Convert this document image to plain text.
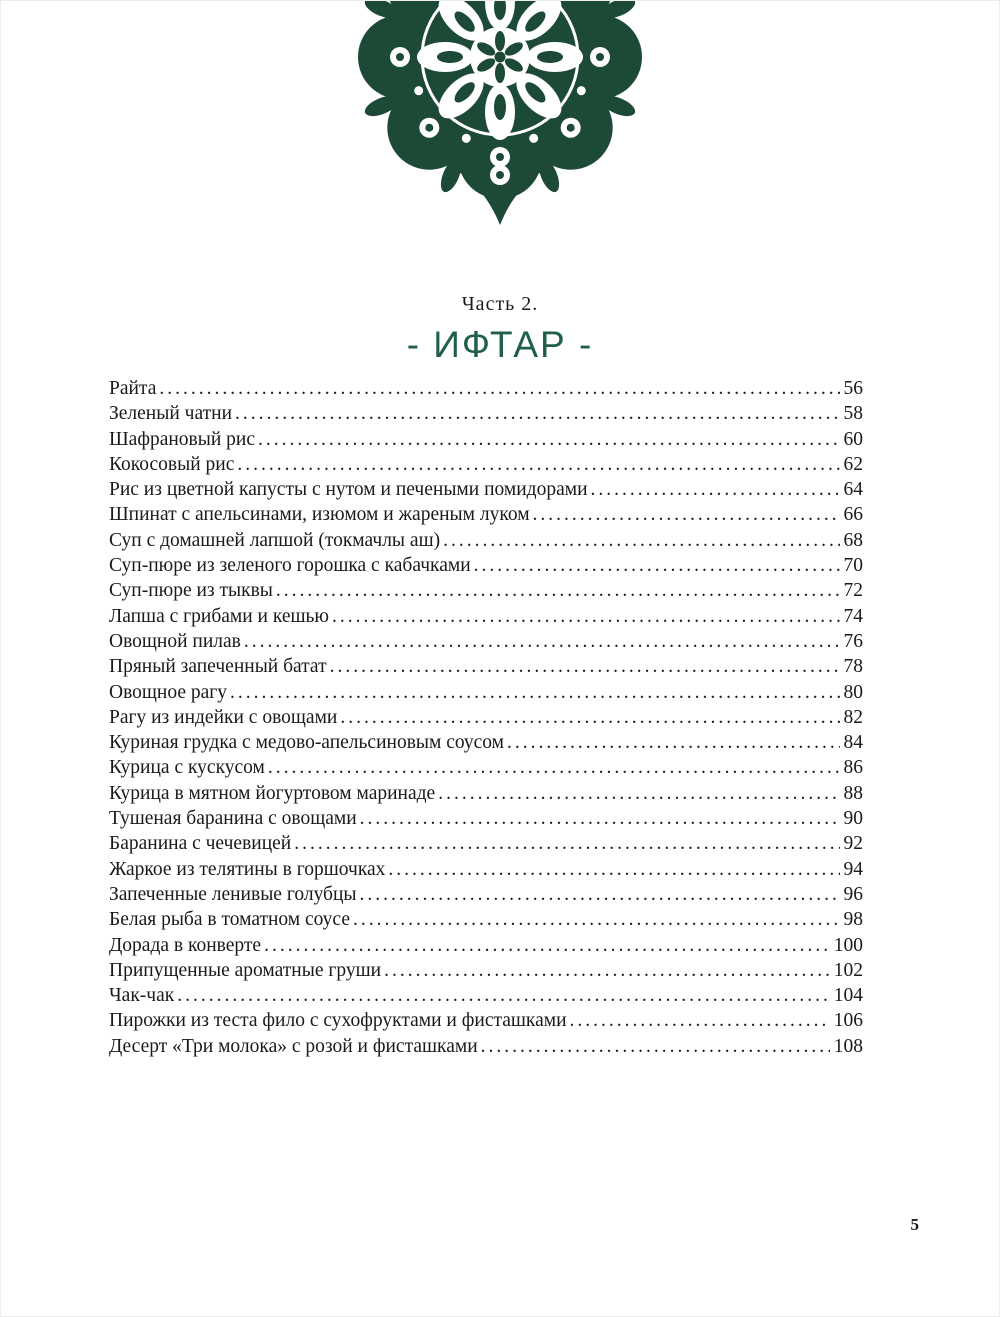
Часть 2.
- ИФТАР -
Райта .....	56
Зеленый чатни .....	58
Шафрановый рис .....	60
Кокосовый рис .....	62
Рис из цветной капусты с нутом и печеными помидорами .....	64
Шпинат с апельсинами, изюмом и жареным луком .....	66
Суп с домашней лапшой (токмачлы аш) .....	68
Суп-пюре из зеленого горошка с кабачками .....	70
Суп-пюре из тыквы .....	72
Лапша с грибами и кешью .....	74
Овощной пилав .....	76
Пряный запеченный батат .....	78
Овощное рагу .....	80
Рагу из индейки с овощами .....	82
Куриная грудка с медово-апельсиновым соусом .....	84
Курица с кускусом .....	86
Курица в мятном йогуртовом маринаде .....	88
Тушеная баранина с овощами .....	90
Баранина с чечевицей .....	92
Жаркое из телятины в горшочках .....	94
Запеченные ленивые голубцы .....	96
Белая рыба в томатном соусе .....	98
Дорада в конверте .....	100
Припущенные ароматные груши .....	102
Чак-чак .....	104
Пирожки из теста фило с сухофруктами и фисташками .....	106
Десерт «Три молока» с розой и фисташками .....	108
5
